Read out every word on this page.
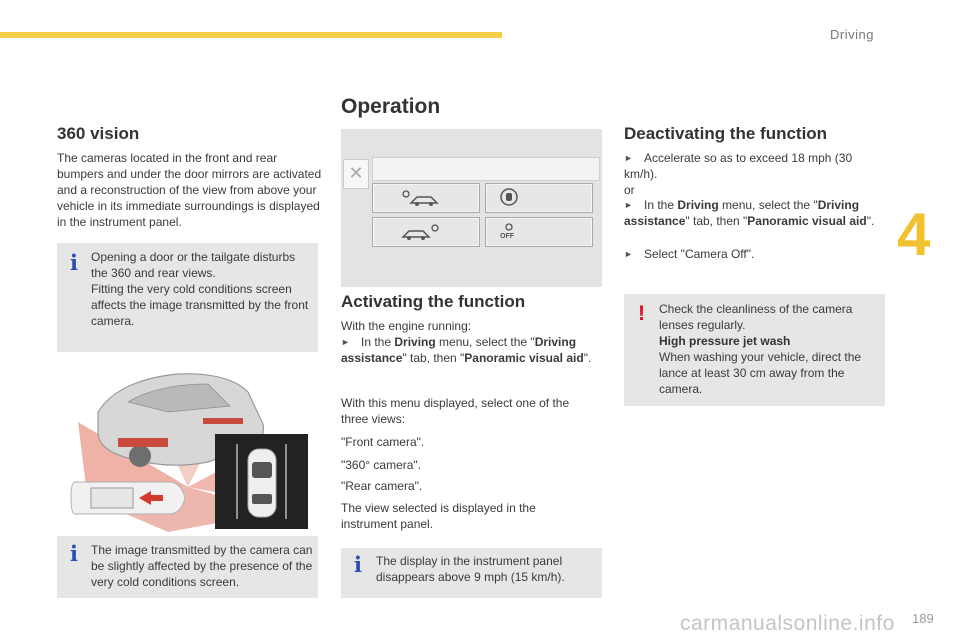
Driving
4
189
carmanualsonline.info
360 vision

The cameras located in the front and rear bumpers and under the door mirrors are activated and a reconstruction of the view from above your vehicle in its immediate surroundings is displayed in the instrument panel.

i Opening a door or the tailgate disturbs the 360 and rear views.
Fitting the very cold conditions screen affects the image transmitted by the front camera.
i The image transmitted by the camera can be slightly affected by the presence of the very cold conditions screen.
Operation
✕
OFF
Activating the function

With the engine running:

► In the Driving menu, select the "Driving assistance" tab, then "Panoramic visual aid".

With this menu displayed, select one of the three views:

"Front camera".

"360° camera".

"Rear camera".

The view selected is displayed in the instrument panel.

i The display in the instrument panel disappears above 9 mph (15 km/h).
Deactivating the function
► Accelerate so as to exceed 18 mph (30 km/h).

or

► In the Driving menu, select the "Driving assistance" tab, then "Panoramic visual aid".
► Select "Camera Off".
! Check the cleanliness of the camera lenses regularly.
High pressure jet wash
When washing your vehicle, direct the lance at least 30 cm away from the camera.
